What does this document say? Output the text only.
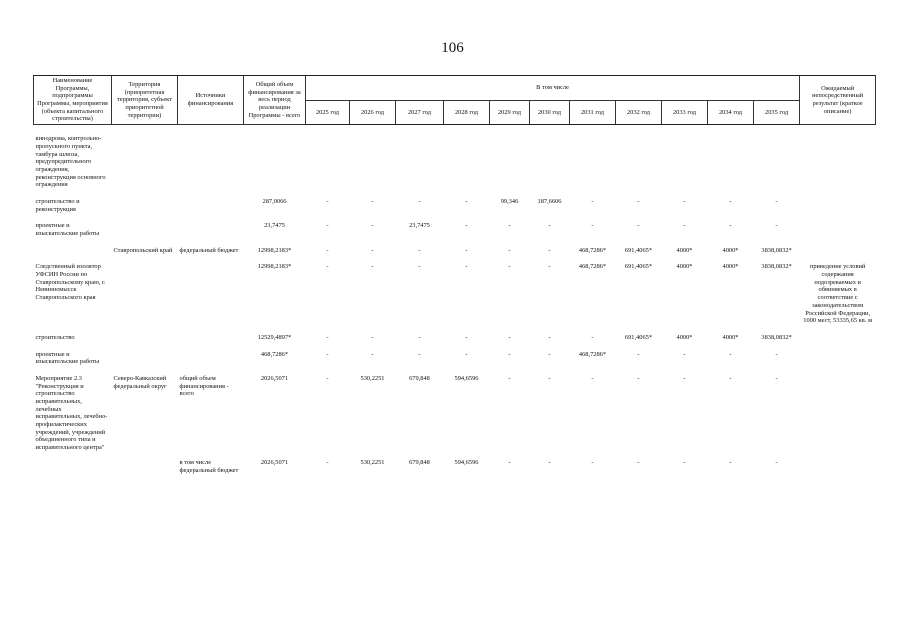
106
Наименование Программы, подпрограммы Программы, мероприятия (объекта капитального строительства)	Территория (приоритетная территория, субъект приоритетной территории)	Источники финансирования	Общий объем финансирования за весь период реализации Программы - всего	В том числе											Ожидаемый непосредственный результат (краткое описание)
				2025 год	2026 год	2027 год	2028 год	2029 год	2030 год	2031 год	2032 год	2033 год	2034 год	2035 год	
кинодрома, контрольно-пропускного пункта, тамбура шлюза, предупредительного ограждения, реконструкция основного ограждения															
строительство и реконструкция			287,0066	-	-	-	-	99,346	187,6606	-	-	-	-	-	
проектные и изыскательские работы			23,7475	-	-	23,7475	-	-	-	-	-	-	-	-	
	Ставропольский край	федеральный бюджет	12998,2183*	-	-	-	-	-	-	468,7286*	691,4065*	4000*	4000*	3838,0832*	
Следственный изолятор УФСИН России по Ставропольскому краю, г. Невинномысск Ставропольского края			12998,2183*	-	-	-	-	-	-	468,7286*	691,4065*	4000*	4000*	3838,0832*	приведение условий содержания подозреваемых и обвиняемых в соответствие с законодательством Российской Федерации, 1000 мест, 53335,65 кв. м
строительство			12529,4897*	-	-	-	-	-	-	-	691,4065*	4000*	4000*	3838,0832*	
проектные и изыскательские работы			468,7286*	-	-	-	-	-	-	468,7286*	-	-	-	-	
Мероприятие 2.3 "Реконструкция и строительство исправительных, лечебных исправительных, лечебно-профилактических учреждений, учреждений объединенного типа и исправительного центра"	Северо-Кавказский федеральный округ	общий объем финансирования - всего	2026,5071	-	530,2251	679,848	594,6596	-	-	-	-	-	-	-	
		в том числе федеральный бюджет	2026,5071	-	530,2251	679,848	594,6596	-	-	-	-	-	-	-	
